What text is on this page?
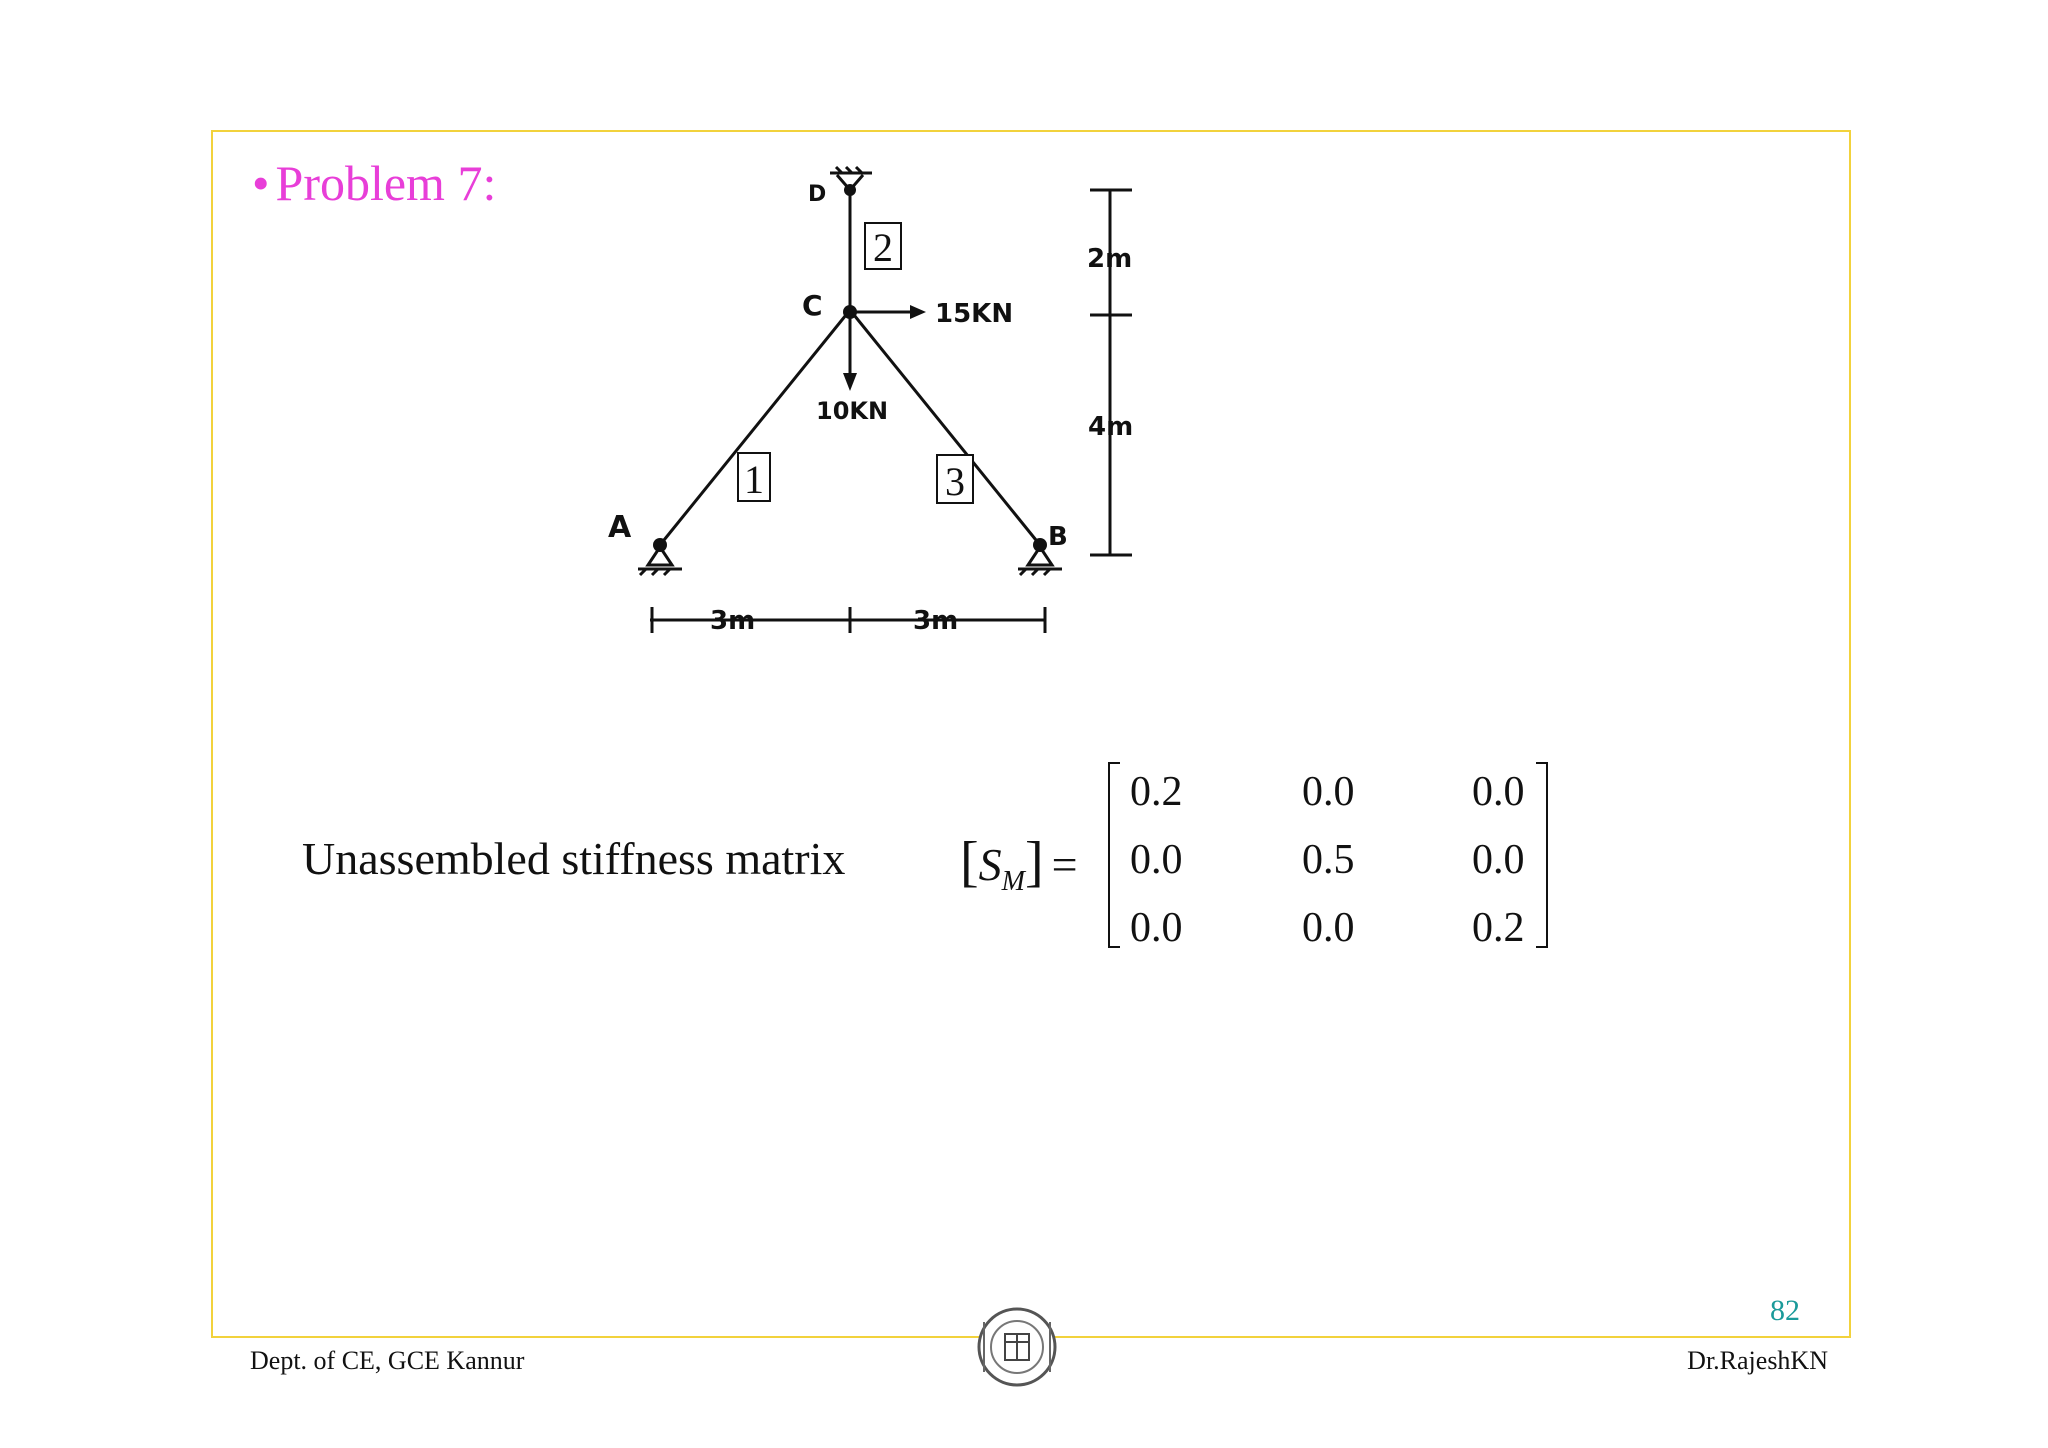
• Problem 7:
2
1	3
D
C
A	B
15KN
10KN
2m
4m
3m	3m
Unassembled stiffness matrix $[S_M]$ =
0.2	0.0	0.0
0.0	0.5	0.0
0.0	0.0	0.2
82
Dept. of CE, GCE Kannur	Dr.RajeshKN
